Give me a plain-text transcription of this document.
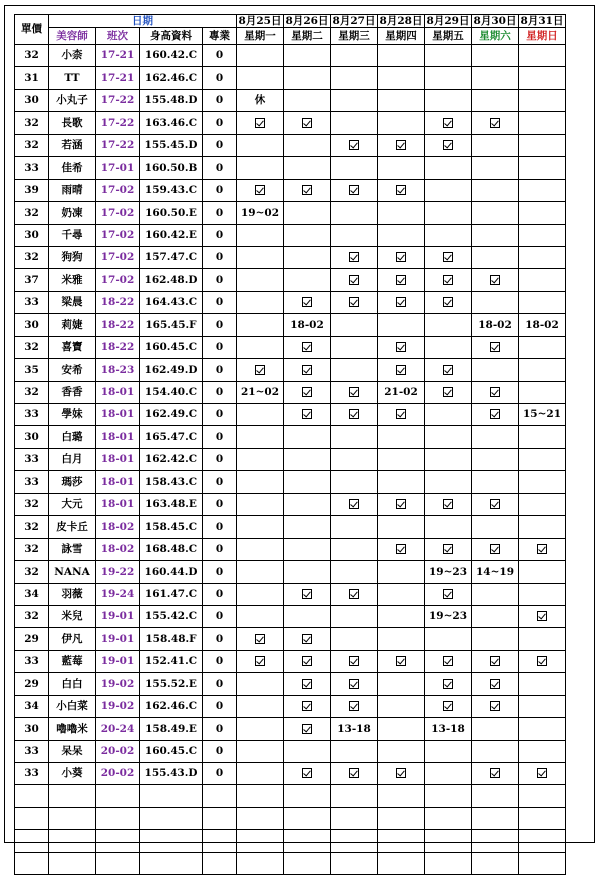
單價	日期				8月25日	8月26日	8月27日	8月28日	8月29日	8月30日	8月31日
	美容師	班次	身高資料	專業	星期一	星期二	星期三	星期四	星期五	星期六	星期日
32	小柰	17-21	160.42.C	0							
31	TT	17-21	162.46.C	0							
30	小丸子	17-22	155.48.D	0	休						
32	長歌	17-22	163.46.C	0							
32	若涵	17-22	155.45.D	0							
33	佳希	17-01	160.50.B	0							
39	雨晴	17-02	159.43.C	0							
32	奶凍	17-02	160.50.E	0	19~02						
30	千尋	17-02	160.42.E	0							
32	狗狗	17-02	157.47.C	0							
37	米雅	17-02	162.48.D	0							
33	梁晨	18-22	164.43.C	0							
30	莉婕	18-22	165.45.F	0		18-02				18-02	18-02
32	喜寶	18-22	160.45.C	0							
35	安希	18-23	162.49.D	0							
32	香香	18-01	154.40.C	0	21~02			21-02			
33	學妹	18-01	162.49.C	0							15~21
30	白璐	18-01	165.47.C	0							
33	白月	18-01	162.42.C	0							
33	瑪莎	18-01	158.43.C	0							
32	大元	18-01	163.48.E	0							
32	皮卡丘	18-02	158.45.C	0							
32	詠雪	18-02	168.48.C	0							
32	NANA	19-22	160.44.D	0					19~23	14~19	
34	羽薇	19-24	161.47.C	0							
32	米兒	19-01	155.42.C	0					19~23		
29	伊凡	19-01	158.48.F	0							
33	藍莓	19-01	152.41.C	0							
29	白白	19-02	155.52.E	0							
34	小白菜	19-02	162.46.C	0							
30	嚕嚕米	20-24	158.49.E	0			13-18		13-18		
33	呆呆	20-02	160.45.C	0							
33	小葵	20-02	155.43.D	0							
